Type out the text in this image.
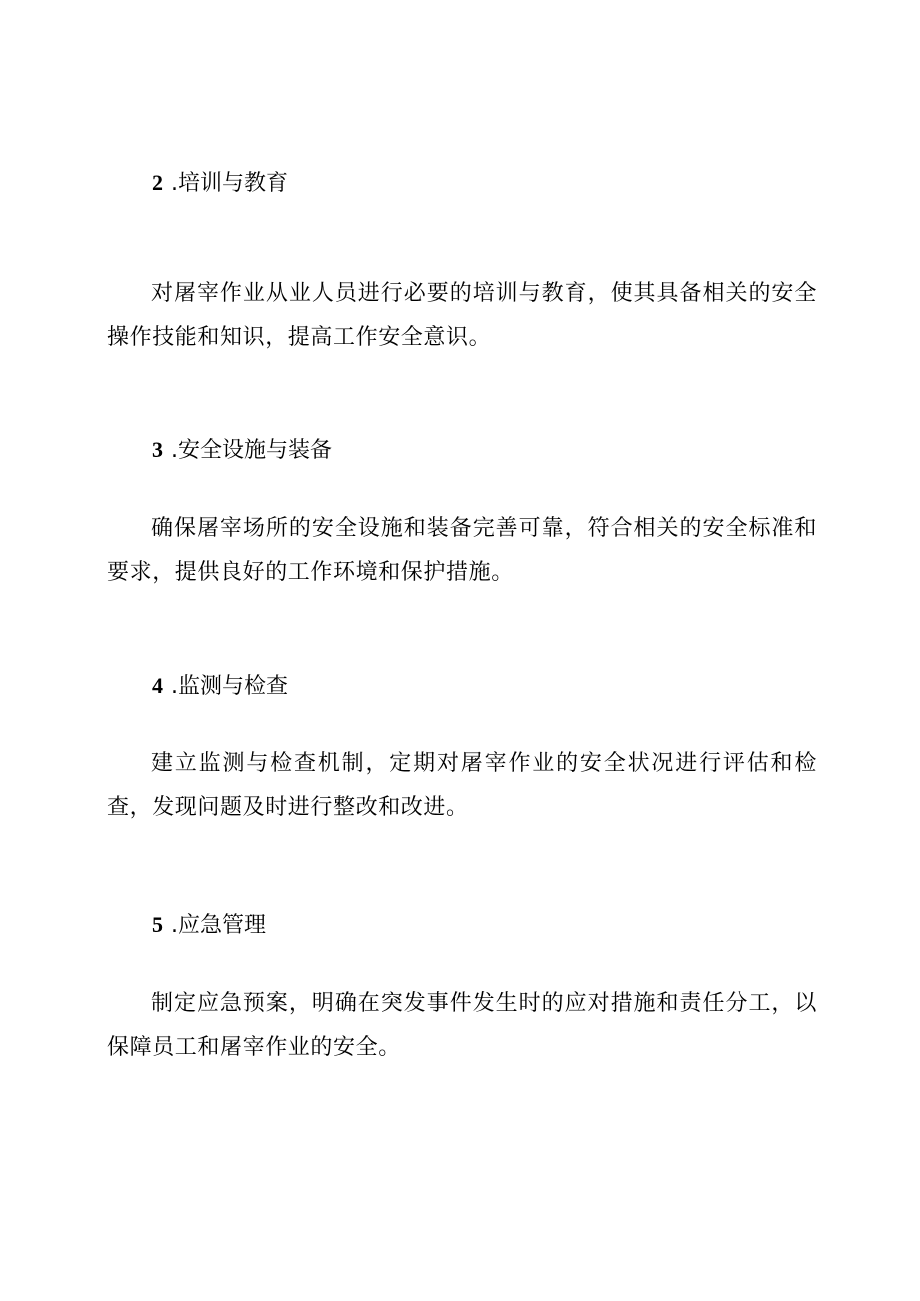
2 .培训与教育
对屠宰作业从业人员进行必要的培训与教育，使其具备相关的安全操作技能和知识，提高工作安全意识。
3 .安全设施与装备
确保屠宰场所的安全设施和装备完善可靠，符合相关的安全标准和要求，提供良好的工作环境和保护措施。
4 .监测与检查
建立监测与检查机制，定期对屠宰作业的安全状况进行评估和检查，发现问题及时进行整改和改进。
5 .应急管理
制定应急预案，明确在突发事件发生时的应对措施和责任分工，以保障员工和屠宰作业的安全。
